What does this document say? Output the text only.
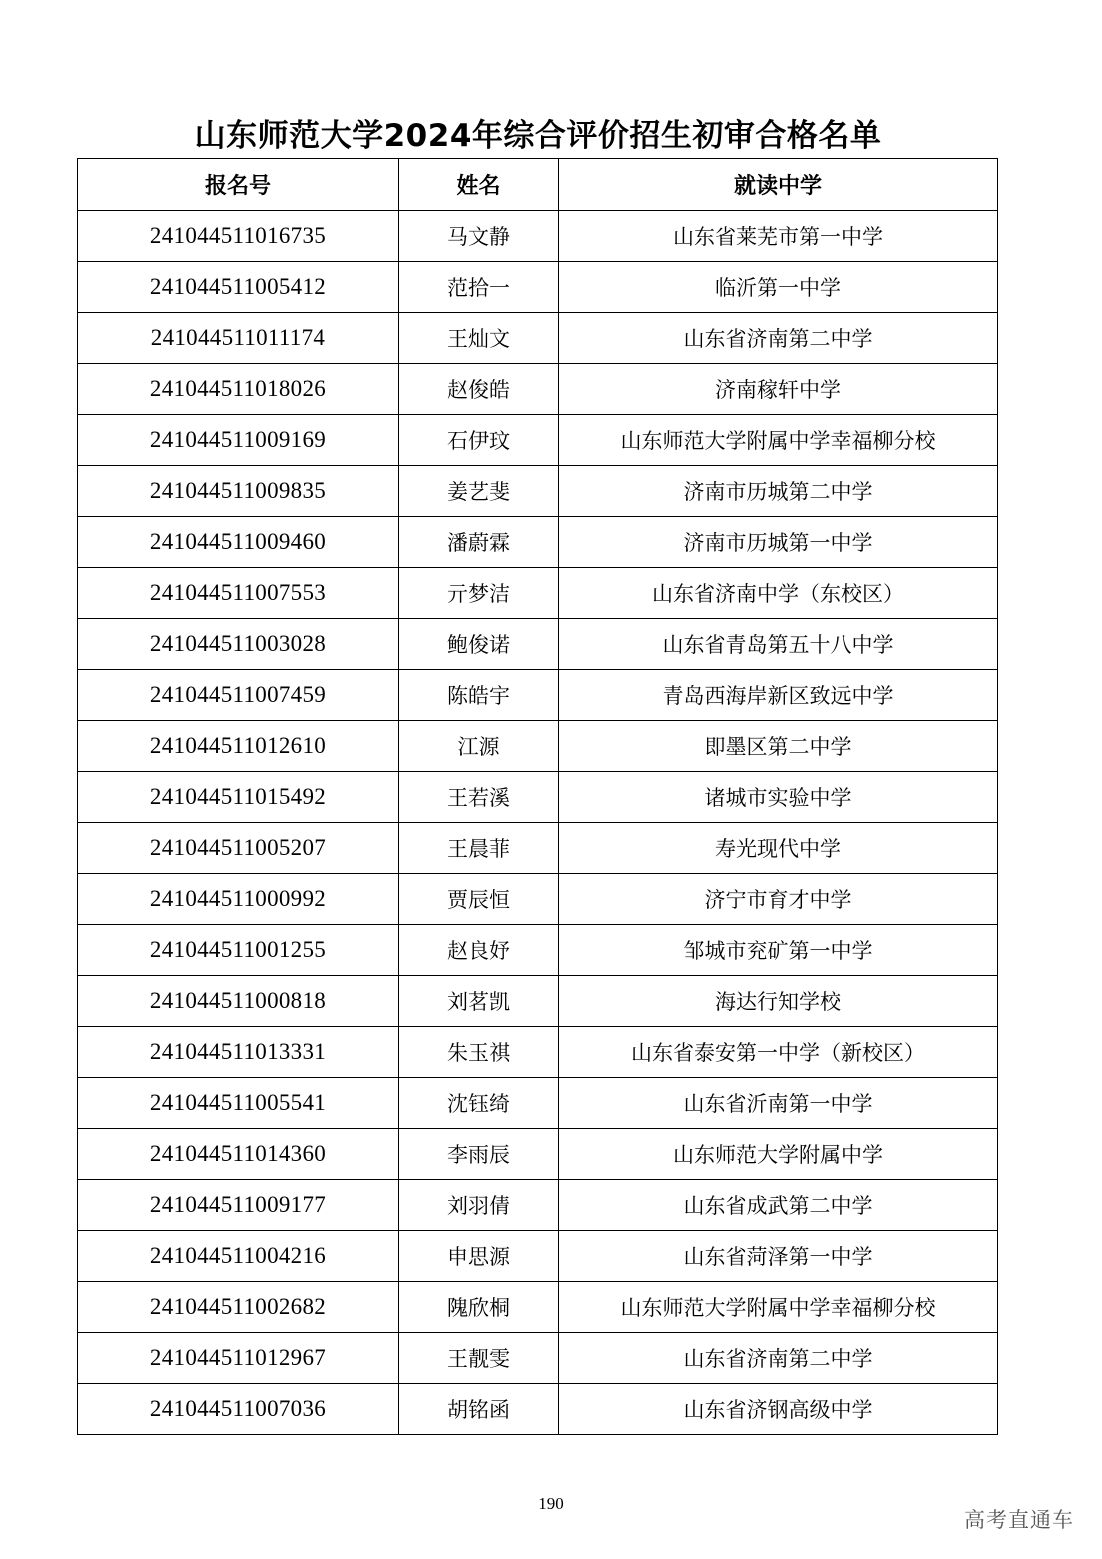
山东师范大学2024年综合评价招生初审合格名单
报名号	姓名	就读中学
241044511016735	马文静	山东省莱芜市第一中学
241044511005412	范拾一	临沂第一中学
241044511011174	王灿文	山东省济南第二中学
241044511018026	赵俊皓	济南稼轩中学
241044511009169	石伊玟	山东师范大学附属中学幸福柳分校
241044511009835	姜艺斐	济南市历城第二中学
241044511009460	潘蔚霖	济南市历城第一中学
241044511007553	亓梦洁	山东省济南中学（东校区）
241044511003028	鲍俊诺	山东省青岛第五十八中学
241044511007459	陈皓宇	青岛西海岸新区致远中学
241044511012610	江源	即墨区第二中学
241044511015492	王若溪	诸城市实验中学
241044511005207	王晨菲	寿光现代中学
241044511000992	贾辰恒	济宁市育才中学
241044511001255	赵良妤	邹城市兖矿第一中学
241044511000818	刘茗凯	海达行知学校
241044511013331	朱玉祺	山东省泰安第一中学（新校区）
241044511005541	沈钰绮	山东省沂南第一中学
241044511014360	李雨辰	山东师范大学附属中学
241044511009177	刘羽倩	山东省成武第二中学
241044511004216	申思源	山东省菏泽第一中学
241044511002682	隗欣桐	山东师范大学附属中学幸福柳分校
241044511012967	王靓雯	山东省济南第二中学
241044511007036	胡铭函	山东省济钢高级中学
190
高考直通车
